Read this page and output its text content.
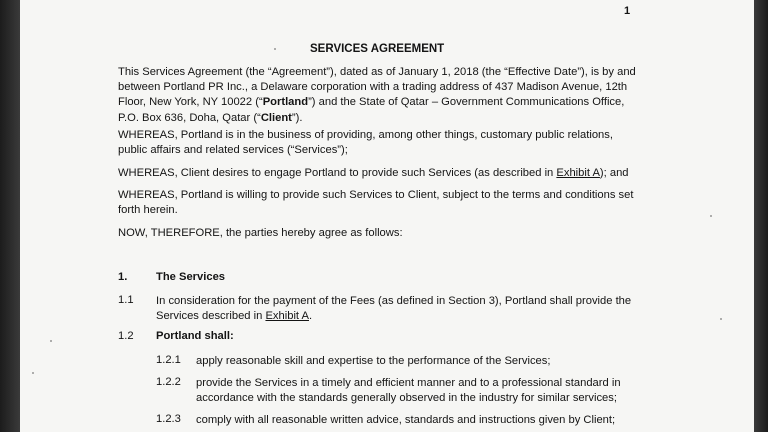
1
SERVICES AGREEMENT
This Services Agreement (the “Agreement”), dated as of January 1, 2018 (the “Effective Date”), is by and
between Portland PR Inc., a Delaware corporation with a trading address of 437 Madison Avenue, 12th
Floor, New York, NY 10022 (“Portland”) and the State of Qatar – Government Communications Office,
P.O. Box 636, Doha, Qatar (“Client”).
WHEREAS, Portland is in the business of providing, among other things, customary public relations,
public affairs and related services (“Services”);
WHEREAS, Client desires to engage Portland to provide such Services (as described in Exhibit A); and
WHEREAS, Portland is willing to provide such Services to Client, subject to the terms and conditions set
forth herein.
NOW, THEREFORE, the parties hereby agree as follows:
1.	The Services
1.1 In consideration for the payment of the Fees (as defined in Section 3), Portland shall provide the
Services described in Exhibit A.
1.2 Portland shall:
1.2.1 apply reasonable skill and expertise to the performance of the Services;
1.2.2 provide the Services in a timely and efficient manner and to a professional standard in
accordance with the standards generally observed in the industry for similar services;
1.2.3 comply with all reasonable written advice, standards and instructions given by Client;
